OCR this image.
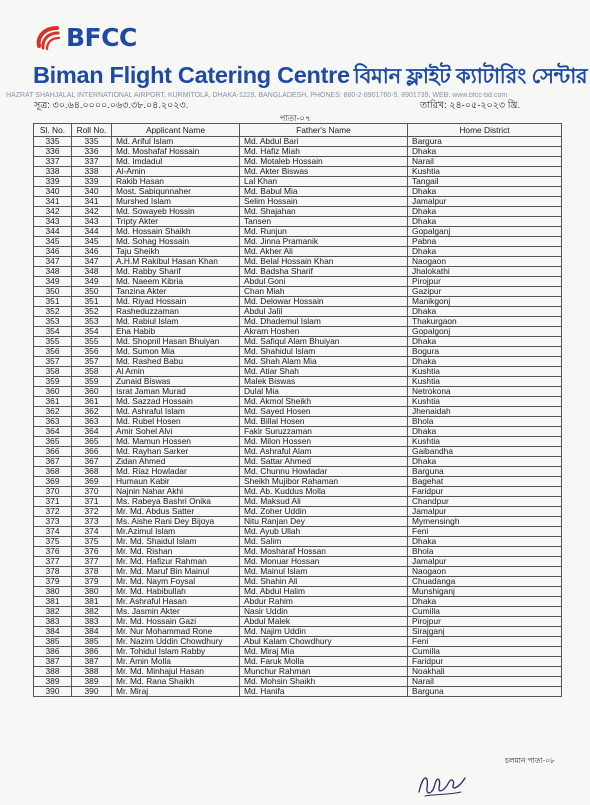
BFCC
Biman Flight Catering Centre বিমান ফ্লাইট ক্যাটারিং সেন্টার
HAZRAT SHAHJALAL INTERNATIONAL AIRPORT, KURMITOLA, DHAKA-1229, BANGLADESH, PHONES: 880-2-8901760-5, 8901739, WEB: www.bfcc-bd.com
সূত্র: ৩০.৬৪.০০০০.০৬৩.৩৮.০৪.২০২৩.	তারিখ: ২৪-০৫-২০২৩ খ্রি.
পাতা-০৭
Sl. No.	Roll No.	Applicant Name	Father's Name	Home District
335	335	Md. Ariful Islam	Md. Abdul Bari	Bargura
336	336	Md. Moshafaf Hossain	Md. Hafiz Miah	Dhaka
337	337	Md. Imdadul	Md. Motaleb Hossain	Narail
338	338	Al-Amin	Md. Akter Biswas	Kushtia
339	339	Rakib Hasan	Lal Khan	Tangail
340	340	Most. Sabiqunnaher	Md. Babul Mia	Dhaka
341	341	Murshed Islam	Selim Hossain	Jamalpur
342	342	Md. Sowayeb Hossin	Md. Shajahan	Dhaka
343	343	Tripty Akter	Tansen	Dhaka
344	344	Md. Hossain Shaikh	Md. Runjun	Gopalganj
345	345	Md. Sohag Hossain	Md. Jinna Pramanik	Pabna
346	346	Taju Sheikh	Md. Akher Ali	Dhaka
347	347	A.H.M Rakibul Hasan Khan	Md. Belal Hossain Khan	Naogaon
348	348	Md. Rabby Sharif	Md. Badsha Sharif	Jhalokathi
349	349	Md. Naeem Kibria	Abdul Goni	Pirojpur
350	350	Tanzina Akter	Chan Miah	Gazipur
351	351	Md. Riyad Hossain	Md. Delowar Hossain	Manikgonj
352	352	Rasheduzzaman	Abdul Jalil	Dhaka
353	353	Md. Rabiul Islam	Md. Dhademul Islam	Thakurgaon
354	354	Eha Habib	Akram Hoshen	Gopalgonj
355	355	Md. Shopnil Hasan Bhuiyan	Md. Safiqul Alam Bhuiyan	Dhaka
356	356	Md. Sumon Mia	Md. Shahidul Islam	Bogura
357	357	Md. Rashed Babu	Md. Shah Alam Mia	Dhaka
358	358	Al Amin	Md. Atiar Shah	Kushtia
359	359	Zunaid Biswas	Malek Biswas	Kushtia
360	360	Israt Jaman Murad	Dulal Mia	Netrokona
361	361	Md. Sazzad Hossain	Md. Akmol Sheikh	Kushtia
362	362	Md. Ashraful Islam	Md. Sayed Hosen	Jhenaidah
363	363	Md. Rubel Hosen	Md. Billal Hosen	Bhola
364	364	Amir Sohel Alvi	Fakir Suruzzaman	Dhaka
365	365	Md. Mamun Hossen	Md. Milon Hossen	Kushtia
366	366	Md. Rayhan Sarker	Md. Ashraful Alam	Gaibandha
367	367	Zidan Ahmed	Md. Sattar Ahmed	Dhaka
368	368	Md. Riaz Howladar	Md. Chunnu Howladar	Barguna
369	369	Humaun Kabir	Sheikh Mujibor Rahaman	Bagehat
370	370	Najnin Nahar Akhi	Md. Ab. Kuddus Molla	Faridpur
371	371	Ms. Rabeya Bashri Onika	Md. Maksud Ali	Chandpur
372	372	Mr. Md. Abdus Satter	Md. Zoher Uddin	Jamalpur
373	373	Ms. Aishe Rani Dey Bijoya	Nitu Ranjan Dey	Mymensingh
374	374	Mr.Azimul Islam	Md. Ayub Ullah	Feni
375	375	Mr. Md. Shaidul Islam	Md. Salim	Dhaka
376	376	Mr. Md. Rishan	Md. Mosharaf Hossan	Bhola
377	377	Mr. Md. Hafizur Rahman	Md. Monuar Hossan	Jamalpur
378	378	Mr. Md. Maruf Bin Mainul	Md. Mainul Islam	Naogaon
379	379	Mr. Md. Naym Foysal	Md. Shahin Ali	Chuadanga
380	380	Mr. Md. Habibullah	Md. Abdul Halim	Munshiganj
381	381	Mr. Ashraful Hasan	Abdur Rahim	Dhaka
382	382	Ms. Jasmin Akter	Nasir Uddin	Cumilla
383	383	Mr. Md. Hossain Gazi	Abdul Malek	Pirojpur
384	384	Mr. Nur Mohammad Rone	Md. Najim Uddin	Sirajganj
385	385	Mr. Nazim Uddin Chowdhury	Abul Kalam Chowdhury	Feni
386	386	Mr. Tohidul Islam Rabby	Md. Miraj Mia	Cumilla
387	387	Mr. Amin Molla	Md. Faruk Molla	Faridpur
388	388	Mr. Md. Minhajul Hasan	Munchur Rahman	Noakhali
389	389	Mr. Md. Rana Shaikh	Md. Mohsin Shaikh	Narail
390	390	Mr. Miraj	Md. Hanifa	Barguna
চলমান পাতা-০৮
